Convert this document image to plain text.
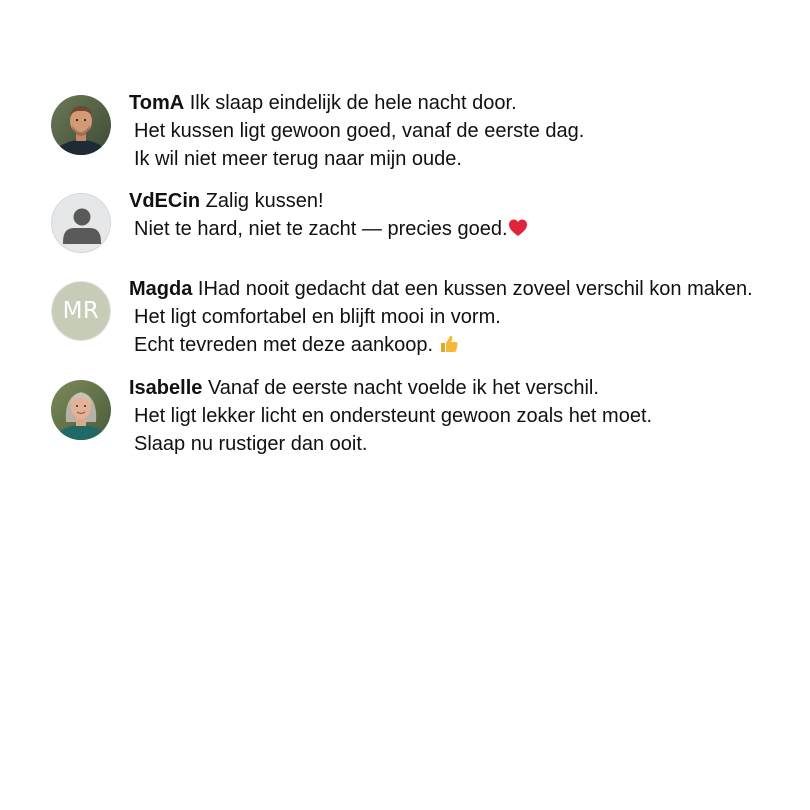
TomA Ilk slaap eindelijk de hele nacht door.
Het kussen ligt gewoon goed, vanaf de eerste dag.
Ik wil niet meer terug naar mijn oude.
VdECin Zalig kussen!
Niet te hard, niet te zacht — precies goed.
MR
Magda IHad nooit gedacht dat een kussen zoveel verschil kon maken.
Het ligt comfortabel en blijft mooi in vorm.
Echt tevreden met deze aankoop.
Isabelle Vanaf de eerste nacht voelde ik het verschil.
Het ligt lekker licht en ondersteunt gewoon zoals het moet.
Slaap nu rustiger dan ooit.
